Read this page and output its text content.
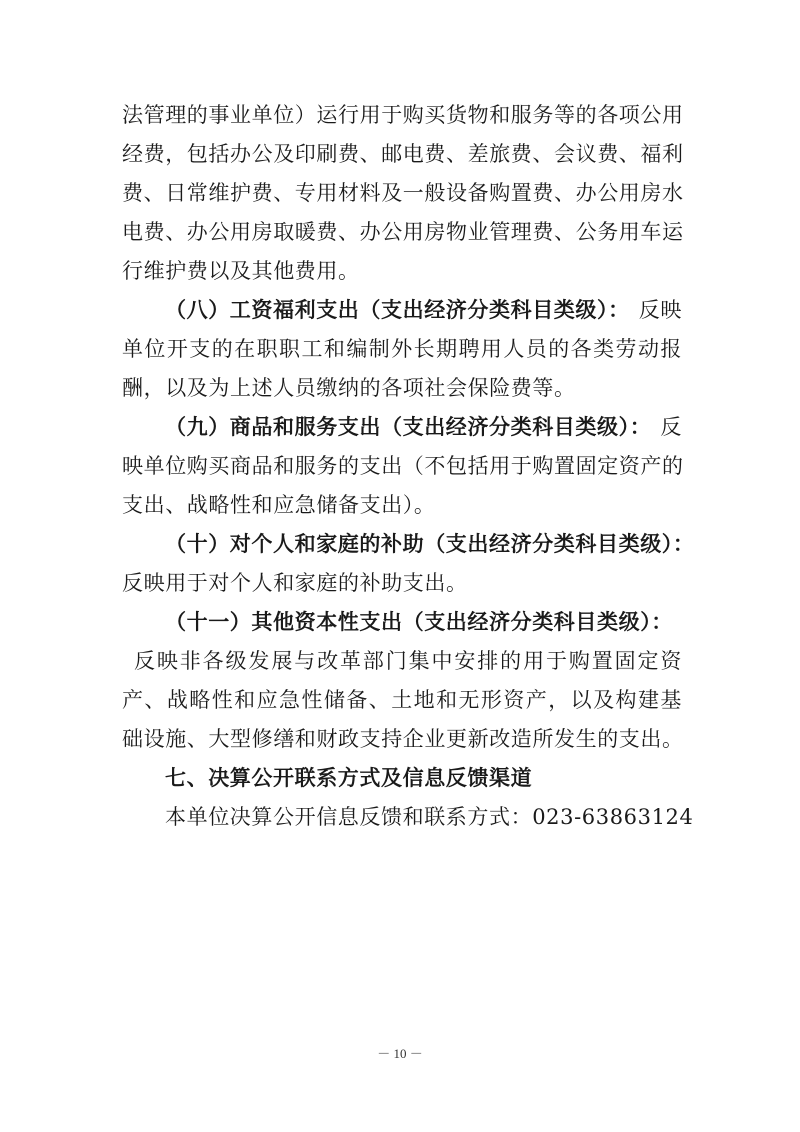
法管理的事业单位）运行用于购买货物和服务等的各项公用
经费，包括办公及印刷费、邮电费、差旅费、会议费、福利
费、日常维护费、专用材料及一般设备购置费、办公用房水
电费、办公用房取暖费、办公用房物业管理费、公务用车运
行维护费以及其他费用。
（八）工资福利支出（支出经济分类科目类级）： 反映
单位开支的在职职工和编制外长期聘用人员的各类劳动报
酬，以及为上述人员缴纳的各项社会保险费等。
（九）商品和服务支出（支出经济分类科目类级）： 反
映单位购买商品和服务的支出（不包括用于购置固定资产的
支出、战略性和应急储备支出）。
（十）对个人和家庭的补助（支出经济分类科目类级）：
反映用于对个人和家庭的补助支出。
（十一）其他资本性支出（支出经济分类科目类级）：
反映非各级发展与改革部门集中安排的用于购置固定资
产、战略性和应急性储备、土地和无形资产，以及构建基
础设施、大型修缮和财政支持企业更新改造所发生的支出。
七、决算公开联系方式及信息反馈渠道
本单位决算公开信息反馈和联系方式：023-63863124
－ 10 －
